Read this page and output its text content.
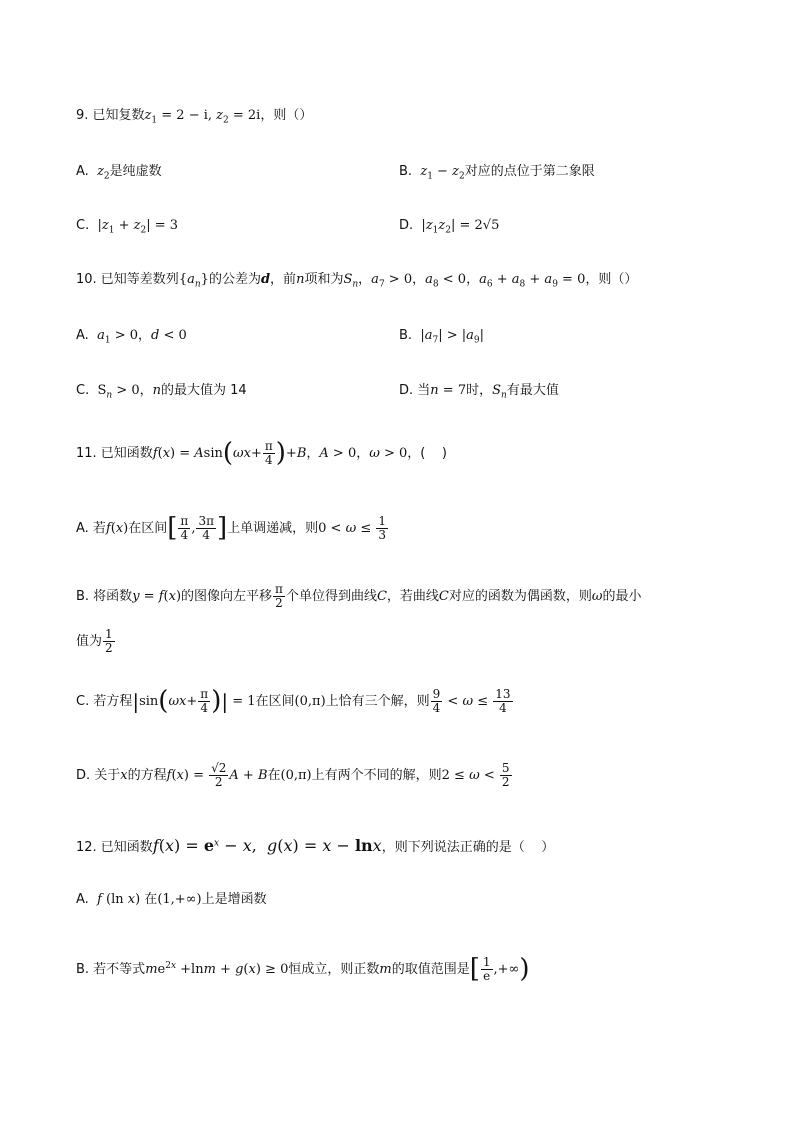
9. 已知复数$z_1 = 2 - i$, $z_2 = 2i$，则（）
A.  $z_2$是纯虚数	B.  $z_1 - z_2$对应的点位于第二象限
C.  $|z_1 + z_2| = 3$	D.  $|z_1z_2| = 2√5$
10. 已知等差数列$\{a_n\}$的公差为d，前n项和为$S_n$，$a_7 > 0$，$a_8 < 0$，$a_6 + a_8 + a_9 = 0$，则（）
A.  $a_1 > 0$，d < 0	B.  $|a_7| > |a_9|$
C.  $S_n > 0$，n的最大值为 14	D. 当n = 7时，$S_n$有最大值
11. 已知函数$f(x) = Asin(\omega x+ \frac{\pi}{4} )+B$，A > 0，ω > 0，(    )
A. 若f(x)在区间[ $\frac{\pi}{4}$ , $\frac{3\pi}{4}$ ]上单调递减，则$0 < \omega \le \frac{1}{3}$
B. 将函数y = f(x)的图像向左平移 $\frac{\pi}{2}$ 个单位得到曲线C，若曲线C对应的函数为偶函数，则ω的最小
值为 $\frac{1}{2}$
C. 若方程$|\sin(\omega x+ \frac{\pi}{4}$ )| = 1在区间(0,π)上恰有三个解，则 $\frac{9}{4} < \omega \le \frac{13}{4}$
D. 关于x的方程$f(x) = \frac{√2}{2}$ A + B在(0,π)上有两个不同的解，则$2 \le \omega < \frac{5}{2}$
12. 已知函数$f(x) = e^x - x$,  g(x) = x − lnx，则下列说法正确的是（    ）
A.  f (ln x) 在(1,+∞)上是增函数
B. 若不等式$me^{2x} +\ln m + g(x) \ge 0$恒成立，则正数m的取值范围是[ $\frac{1}{e}$ ,+∞)
